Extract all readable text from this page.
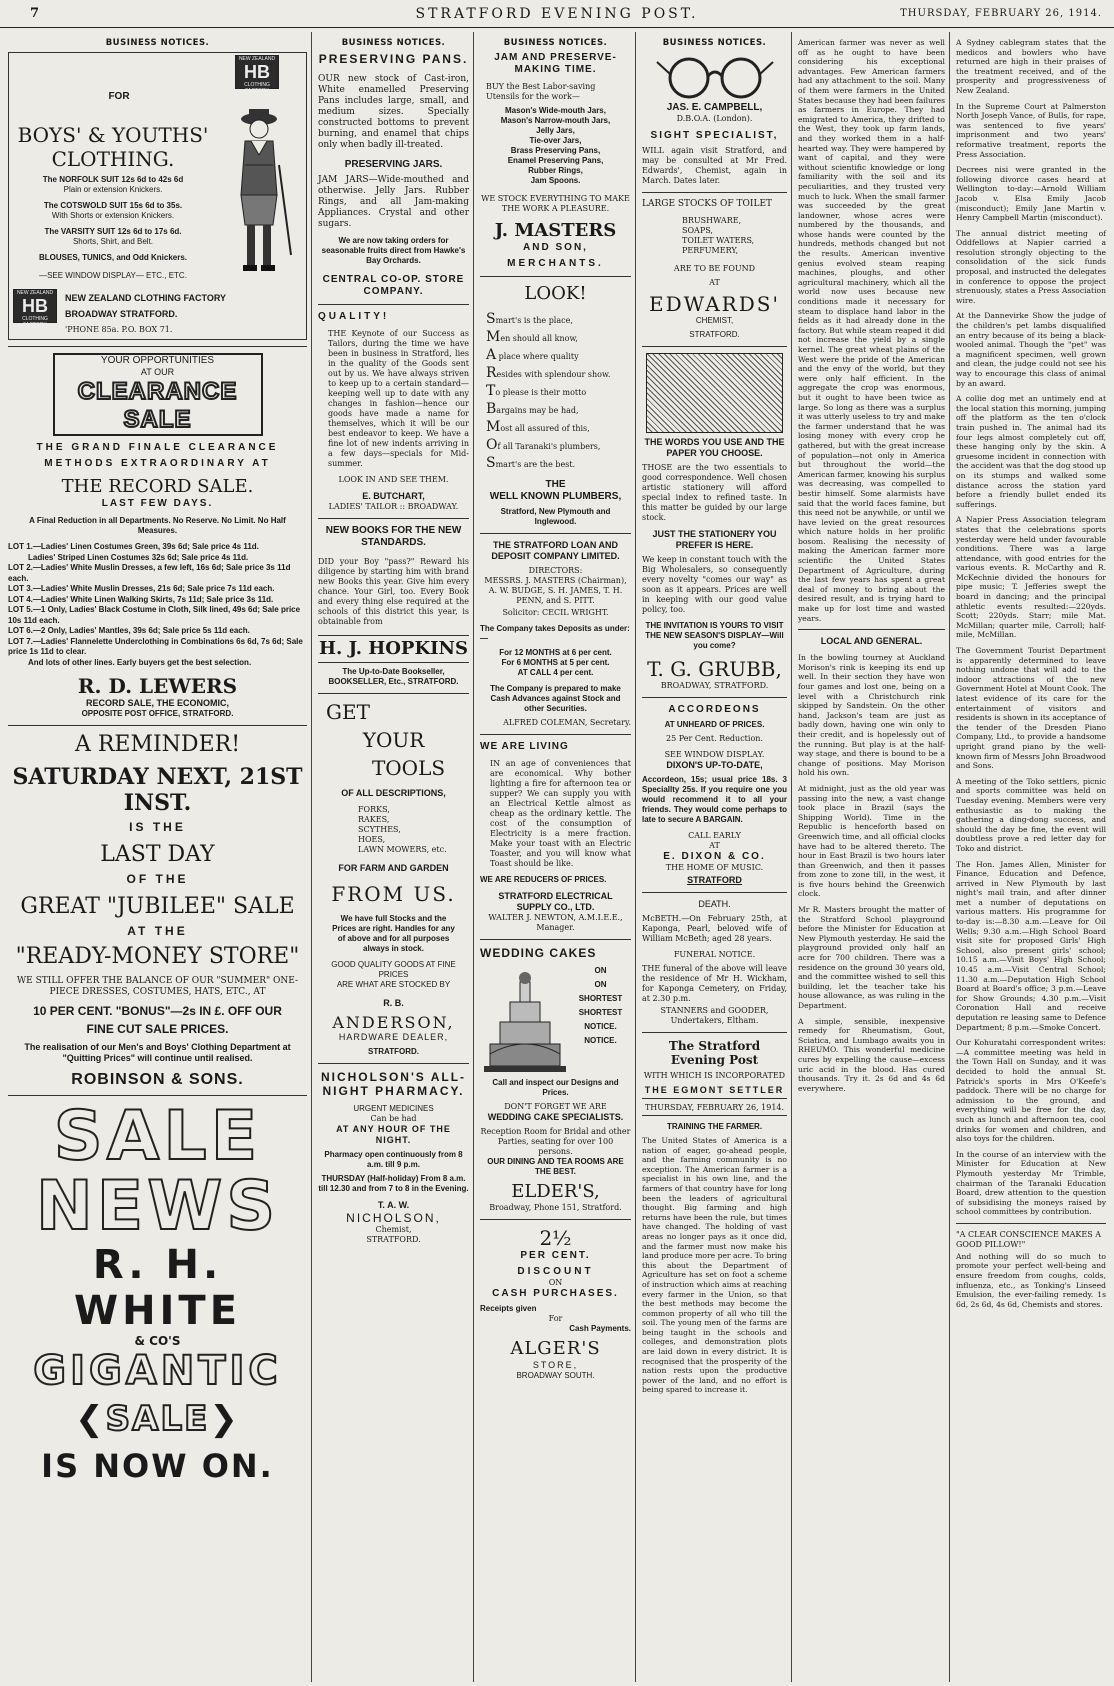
7	STRATFORD EVENING POST.	THURSDAY, FEBRUARY 26, 1914.
BUSINESS NOTICES.
NEW ZEALAND
HB
CLOTHING FACTORY
FOR
BOYS' & YOUTHS' CLOTHING.
The NORFOLK SUIT 12s 6d to 42s 6d
Plain or extension Knickers.
The COTSWOLD SUIT 15s 6d to 35s.
With Shorts or extension Knickers.
The VARSITY SUIT 12s 6d to 17s 6d.
Shorts, Shirt, and Belt.
BLOUSES, TUNICS, and Odd Knickers.
—SEE WINDOW DISPLAY— ETC., ETC.
NEW ZEALAND
HB
CLOTHING FACTORY
NEW ZEALAND CLOTHING FACTORY
BROADWAY STRATFORD.
'PHONE 85a. P.O. BOX 71.
YOUR OPPORTUNITIES
AT OUR
CLEARANCE SALE
THE GRAND FINALE CLEARANCE
METHODS EXTRAORDINARY AT
THE RECORD SALE.
LAST FEW DAYS.
A Final Reduction in all Departments. No Reserve. No Limit. No Half Measures.
LOT 1.—Ladies' Linen Costumes Green, 39s 6d; Sale price 4s 11d.
Ladies' Striped Linen Costumes 32s 6d; Sale price 4s 11d.
LOT 2.—Ladies' White Muslin Dresses, a few left, 16s 6d; Sale price 3s 11d each.
LOT 3.—Ladies' White Muslin Dresses, 21s 6d; Sale price 7s 11d each.
LOT 4.—Ladies' White Linen Walking Skirts, 7s 11d; Sale price 3s 11d.
LOT 5.—1 Only, Ladies' Black Costume in Cloth, Silk lined, 49s 6d; Sale price 10s 11d each.
LOT 6.—2 Only, Ladies' Mantles, 39s 6d; Sale price 5s 11d each.
LOT 7.—Ladies' Flannelette Underclothing in Combinations 6s 6d, 7s 6d; Sale price 1s 11d to clear.
And lots of other lines. Early buyers get the best selection.
R. D. LEWERS
RECORD SALE, THE ECONOMIC,
OPPOSITE POST OFFICE, STRATFORD.
A REMINDER!
SATURDAY NEXT, 21ST INST.
IS THE
LAST DAY
OF THE
GREAT "JUBILEE" SALE
AT THE
"READY-MONEY STORE"
WE STILL OFFER THE BALANCE OF OUR "SUMMER" ONE-PIECE DRESSES, COSTUMES, HATS, ETC., AT
10 PER CENT. "BONUS"—2s IN £. OFF OUR
FINE CUT SALE PRICES.
The realisation of our Men's and Boys' Clothing Department at "Quitting Prices" will continue until realised.
ROBINSON & SONS.
SALE
NEWS
R. H. WHITE
& CO'S
GIGANTIC
❮SALE❯
IS NOW ON.
BUSINESS NOTICES.
PRESERVING PANS.
OUR new stock of Cast-iron, White enamelled Preserving Pans includes large, small, and medium sizes. Specially constructed bottoms to prevent burning, and enamel that chips only when badly ill-treated.
PRESERVING JARS.
JAM JARS—Wide-mouthed and otherwise. Jelly Jars. Rubber Rings, and all Jam-making Appliances. Crystal and other sugars.
We are now taking orders for seasonable fruits direct from Hawke's Bay Orchards.
CENTRAL CO-OP. STORE COMPANY.
QUALITY!
THE Keynote of our Success as Tailors, during the time we have been in business in Stratford, lies in the quality of the Goods sent out by us. We have always striven to keep up to a certain standard—keeping well up to date with any changes in fashion—hence our goods have made a name for themselves, which it will be our best endeavor to keep. We have a fine lot of new indents arriving in a few days—specials for Mid-summer.
LOOK IN AND SEE THEM.
E. BUTCHART,
LADIES' TAILOR :: BROADWAY.
NEW BOOKS FOR THE NEW STANDARDS.
DID your Boy "pass?" Reward his diligence by starting him with brand new Books this year. Give him every chance. Your Girl, too. Every Book and every thing else required at the schools of this district this year, is obtainable from
H. J. HOPKINS
The Up-to-Date Bookseller,
BOOKSELLER, Etc., STRATFORD.
GET
YOUR
TOOLS
OF ALL DESCRIPTIONS,
FORKS,
RAKES,
SCYTHES,
HOES,
LAWN MOWERS, etc.
FOR FARM AND GARDEN
FROM US.
We have full Stocks and the Prices are right. Handles for any of above and for all purposes always in stock.
GOOD QUALITY GOODS AT FINE PRICES
ARE WHAT ARE STOCKED BY
R. B.
ANDERSON,
HARDWARE DEALER,
STRATFORD.
NICHOLSON'S ALL-NIGHT PHARMACY.
URGENT MEDICINES
Can be had
AT ANY HOUR OF THE NIGHT.
Pharmacy open continuously from 8 a.m. till 9 p.m.
THURSDAY (Half-holiday) From 8 a.m. till 12.30 and from 7 to 8 in the Evening.
T. A. W.
NICHOLSON,
Chemist,
STRATFORD.
BUSINESS NOTICES.
JAM AND PRESERVE-MAKING TIME.
BUY the Best Labor-saving Utensils for the work—
Mason's Wide-mouth Jars,
Mason's Narrow-mouth Jars,
Jelly Jars,
Tie-over Jars,
Brass Preserving Pans,
Enamel Preserving Pans,
Rubber Rings,
Jam Spoons.
WE STOCK EVERYTHING TO MAKE THE WORK A PLEASURE.
J. MASTERS
AND SON,
MERCHANTS.
LOOK!
Smart's is the place,
Men should all know,
A place where quality
Resides with splendour show.
To please is their motto
Bargains may be had,
Most all assured of this,
Of all Taranaki's plumbers,
Smart's are the best.
THE
WELL KNOWN PLUMBERS,
Stratford, New Plymouth and Inglewood.
THE STRATFORD LOAN AND DEPOSIT COMPANY LIMITED.
DIRECTORS:
MESSRS. J. MASTERS (Chairman), A. W. BUDGE, S. H. JAMES, T. H. PENN, and S. PITT.
Solicitor: CECIL WRIGHT.
The Company takes Deposits as under:—
For 12 MONTHS at 6 per cent.
For 6 MONTHS at 5 per cent.
AT CALL 4 per cent.
The Company is prepared to make Cash Advances against Stock and other Securities.
ALFRED COLEMAN, Secretary.
WE ARE LIVING
IN an age of conveniences that are economical. Why bother lighting a fire for afternoon tea or supper? We can supply you with an Electrical Kettle almost as cheap as the ordinary kettle. The cost of the consumption of Electricity is a mere fraction. Make your toast with an Electric Toaster, and you will know what Toast should be like.
WE ARE REDUCERS OF PRICES.
STRATFORD ELECTRICAL SUPPLY CO., LTD.
WALTER J. NEWTON, A.M.I.E.E., Manager.
WEDDING CAKES
ON
ON
SHORTEST
SHORTEST
NOTICE.
NOTICE.
Call and inspect our Designs and Prices.
DON'T FORGET WE ARE
WEDDING CAKE SPECIALISTS.
Reception Room for Bridal and other Parties, seating for over 100 persons.
OUR DINING AND TEA ROOMS ARE THE BEST.
ELDER'S,
Broadway, Phone 151, Stratford.
2½
PER CENT.
DISCOUNT
ON
CASH PURCHASES.
Receipts given
For
Cash Payments.
ALGER'S
STORE,
BROADWAY SOUTH.
BUSINESS NOTICES.
JAS. E. CAMPBELL,
D.B.O.A. (London).
SIGHT SPECIALIST,
WILL again visit Stratford, and may be consulted at Mr Fred. Edwards', Chemist, again in March. Dates later.
LARGE STOCKS OF TOILET
BRUSHWARE,
SOAPS,
TOILET WATERS,
PERFUMERY,
ARE TO BE FOUND
AT
EDWARDS'
CHEMIST,
STRATFORD.
THE WORDS YOU USE AND THE PAPER YOU CHOOSE.
THOSE are the two essentials to good correspondence. Well chosen artistic stationery will afford special index to refined taste. In this matter be guided by our large stock.
JUST THE STATIONERY YOU PREFER IS HERE.
We keep in constant touch with the Big Wholesalers, so consequently every novelty "comes our way" as soon as it appears. Prices are well in keeping with our good value policy, too.
THE INVITATION IS YOURS TO VISIT THE NEW SEASON'S DISPLAY—Will you come?
T. G. GRUBB,
BROADWAY, STRATFORD.
ACCORDEONS
AT UNHEARD OF PRICES.
25 Per Cent. Reduction.
SEE WINDOW DISPLAY.
DIXON'S UP-TO-DATE,
Accordeon, 15s; usual price 18s. 3 Speciallty 25s. If you require one you would recommend it to all your friends. They would come perhaps to late to secure A BARGAIN.
CALL EARLY
AT
E. DIXON & CO.
THE HOME OF MUSIC.
STRATFORD
DEATH.
McBETH.—On February 25th, at Kaponga, Pearl, beloved wife of William McBeth; aged 28 years.
FUNERAL NOTICE.
THE funeral of the above will leave the residence of Mr H. Wickham, for Kaponga Cemetery, on Friday, at 2.30 p.m.
STANNERS and GOODER, Undertakers, Eltham.
The Stratford Evening Post
WITH WHICH IS INCORPORATED
THE EGMONT SETTLER
THURSDAY, FEBRUARY 26, 1914.
TRAINING THE FARMER.
The United States of America is a nation of eager, go-ahead people, and the farming community is no exception. The American farmer is a specialist in his own line, and the farmers of that country have for long been the leaders of agricultural thought. Big farming and high returns have been the rule, but times have changed. The holding of vast areas no longer pays as it once did, and the farmer must now make his land produce more per acre. To bring this about the Department of Agriculture has set on foot a scheme of instruction which aims at reaching every farmer in the Union, so that the best methods may become the common property of all who till the soil. The young men of the farms are being taught in the schools and colleges, and demonstration plots are laid down in every district. It is recognised that the prosperity of the nation rests upon the productive power of the land, and no effort is being spared to increase it.
American farmer was never as well off as he ought to have been considering his exceptional advantages. Few American farmers had any attachment to the soil. Many of them were farmers in the United States because they had been failures as farmers in Europe. They had emigrated to America, they drifted to the West, they took up farm lands, and they worked them in a half-hearted way. They were hampered by want of capital, and they were without scientific knowledge or long familiarity with the soil and its peculiarities, and they trusted very much to luck. When the small farmer was succeeded by the great landowner, whose acres were numbered by the thousands, and whose hands were counted by the hundreds, methods changed but not the results. American inventive genius evolved steam reaping machines, ploughs, and other agricultural machinery, which all the world now uses because new conditions made it necessary for steam to displace hand labor in the fields as it had already done in the factory. But while steam reaped it did not increase the yield by a single kernel. The great wheat plains of the West were the pride of the American and the envy of the world, but they were only half efficient. In the aggregate the crop was enormous, but it ought to have been twice as large. So long as there was a surplus it was utterly useless to try and make the farmer understand that he was losing money with every crop he gathered, but with the great increase of population—not only in America but throughout the world—the American farmer, knowing his surplus was decreasing, was compelled to bestir himself. Some alarmists have said that the world faces famine, but this need not be anywhile, or until we have levied on the great resources which nature holds in her prolific bosom. Realising the necessity of making the American farmer more scientific the United States Department of Agriculture, during the last few years has spent a great deal of money to bring about the desired result, and is trying hard to make up for lost time and wasted years.
LOCAL AND GENERAL.
In the bowling tourney at Auckland Morison's rink is keeping its end up well. In their section they have won four games and lost one, being on a level with a Christchurch rink skipped by Sandstein. On the other hand, Jackson's team are just as badly down, having one win only to their credit, and is hopelessly out of the running. But play is at the half-way stage, and there is bound to be a change of positions. May Morison hold his own.
At midnight, just as the old year was passing into the new, a vast change took place in Brazil (says the Shipping World). Time in the Republic is henceforth based on Greenwich time, and all official clocks have had to be altered thereto. The hour in East Brazil is two hours later than Greenwich, and then it passes from zone to zone till, in the west, it is five hours behind the Greenwich clock.
Mr R. Masters brought the matter of the Stratford School playground before the Minister for Education at New Plymouth yesterday. He said the playground provided only half an acre for 700 children. There was a residence on the ground 30 years old, and the committee wished to sell this building, let the teacher take his house allowance, as was ruling in the Department.
A simple, sensible, inexpensive remedy for Rheumatism, Gout, Sciatica, and Lumbago awaits you in RHEUMO. This wonderful medicine cures by expelling the cause—excess uric acid in the blood. Has cured thousands. Try it. 2s 6d and 4s 6d everywhere.
A Sydney cablegram states that the medicos and bowlers who have returned are high in their praises of the treatment received, and of the prosperity and progressiveness of New Zealand.
In the Supreme Court at Palmerston North Joseph Vance, of Bulls, for rape, was sentenced to five years' imprisonment and two years' reformative treatment, reports the Press Association.
Decrees nisi were granted in the following divorce cases heard at Wellington to-day:—Arnold William Jacob v. Elsa Emily Jacob (misconduct); Emily Jane Martin v. Henry Campbell Martin (misconduct).
The annual district meeting of Oddfellows at Napier carried a resolution strongly objecting to the consolidation of the sick funds proposal, and instructed the delegates in conference to oppose the project strenuously, states a Press Association wire.
At the Dannevirke Show the judge of the children's pet lambs disqualified an entry because of its being a black-wooled animal. Though the "pet" was a magnificent specimen, well grown and clean, the judge could not see his way to encourage this class of animal by an award.
A collie dog met an untimely end at the local station this morning, jumping off the platform as the ten o'clock train pushed in. The animal had its four legs almost completely cut off, these hanging only by the skin. A gruesome incident in connection with the accident was that the dog stood up on its stumps and walked some distance across the station yard before a friendly bullet ended its sufferings.
A Napier Press Association telegram states that the celebrations sports yesterday were held under favourable conditions. There was a large attendance, with good entries for the various events. R. McCarthy and R. McKechnie divided the honours for pipe music; T. Jefferies swept the board in dancing; and the principal athletic events resulted:—220yds. Scott; 220yds. Starr; mile Mat. McMillan; quarter mile, Carroll; half-mile, McMillan.
The Government Tourist Department is apparently determined to leave nothing undone that will add to the indoor attractions of the new Government Hotel at Mount Cook. The latest evidence of its care for the entertainment of visitors and residents is shown in its acceptance of the tender of the Dresden Piano Company, Ltd., to provide a handsome upright grand piano by the well-known firm of Messrs John Broadwood and Sons.
A meeting of the Toko settlers, picnic and sports committee was held on Tuesday evening. Members were very enthusiastic as to making the gathering a ding-dong success, and should the day be fine, the event will doubtless prove a red letter day for Toko and district.
The Hon. James Allen, Minister for Finance, Education and Defence, arrived in New Plymouth by last night's mail train, and after dinner met a number of deputations on various matters. His programme for to-day is:—8.30 a.m.—Leave for Oil Wells; 9.30 a.m.—High School Board visit site for proposed Girls' High School, also present girls' school; 10.15 a.m.—Visit Boys' High School; 10.45 a.m.—Visit Central School; 11.30 a.m.—Deputation High School Board at Board's office; 3 p.m.—Leave for Show Grounds; 4.30 p.m.—Visit Coronation Hall and receive deputation re leasing same to Defence Department; 8 p.m.—Smoke Concert.
Our Kohuratahi correspondent writes:—A committee meeting was held in the Town Hall on Sunday, and it was decided to hold the annual St. Patrick's sports in Mrs O'Keefe's paddock. There will be no charge for admission to the ground, and everything will be free for the day, such as lunch and afternoon tea, cool drinks for women and children, and also toys for the children.
In the course of an interview with the Minister for Education at New Plymouth yesterday Mr Trimble, chairman of the Taranaki Education Board, drew attention to the question of subsidising the moneys raised by school committees by contribution.
"A CLEAR CONSCIENCE MAKES A GOOD PILLOW!"
And nothing will do so much to promote your perfect well-being and ensure freedom from coughs, colds, influenza, etc., as Tonking's Linseed Emulsion, the ever-failing remedy. 1s 6d, 2s 6d, 4s 6d, Chemists and stores.
